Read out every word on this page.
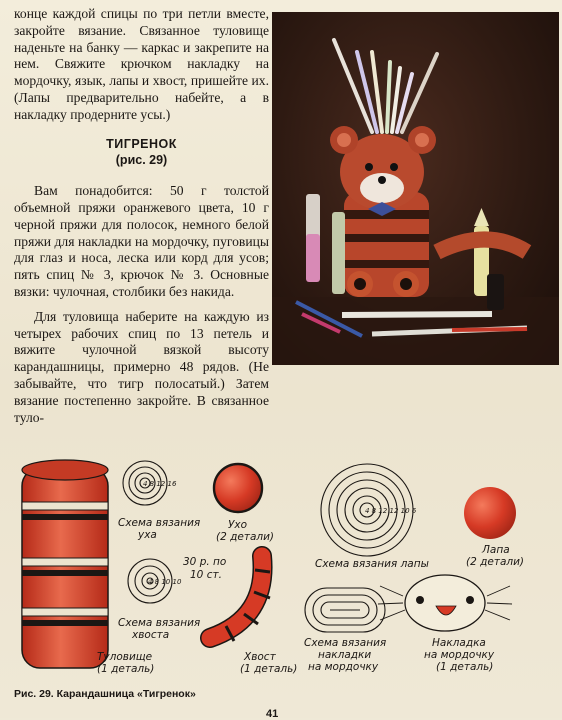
конце каждой спицы по три петли вместе, закройте вязание. Связанное туловище наденьте на банку — каркас и закрепите на нем. Свяжите крючком накладку на мордочку, язык, лапы и хвост, пришейте их. (Лапы предварительно набейте, а в накладку продерните усы.)

ТИГРЕНОК

(рис. 29)

Вам понадобится: 50 г толстой объемной пряжи оранжевого цвета, 10 г черной пряжи для полосок, немного белой пряжи для накладки на мордочку, пуговицы для глаз и носа, леска или корд для усов; пять спиц № 3, крючок № 3. Основные вязки: чулочная, столбики без накида.

Для туловища наберите на каждую из четырех рабочих спиц по 13 петель и вяжите чулочной вязкой высоту карандашницы, примерно 48 рядов. (Не забывайте, что тигр полосатый.) Затем вязание постепенно закройте. В связанное туло-

Туловище
(1 деталь)
4 8 12 16
Схема вязания
уха
Ухо
(2 детали)
4 8 12 12 10 6
Схема вязания лапы
Лапа
(2 детали)
4 8 10 10
30 р. по
10 ст.
Схема вязания
хвоста
Хвост
(1 деталь)
Схема вязания
накладки
на мордочку
Накладка
на мордочку
(1 деталь)
Рис. 29. Карандашница «Тигренок»
41
